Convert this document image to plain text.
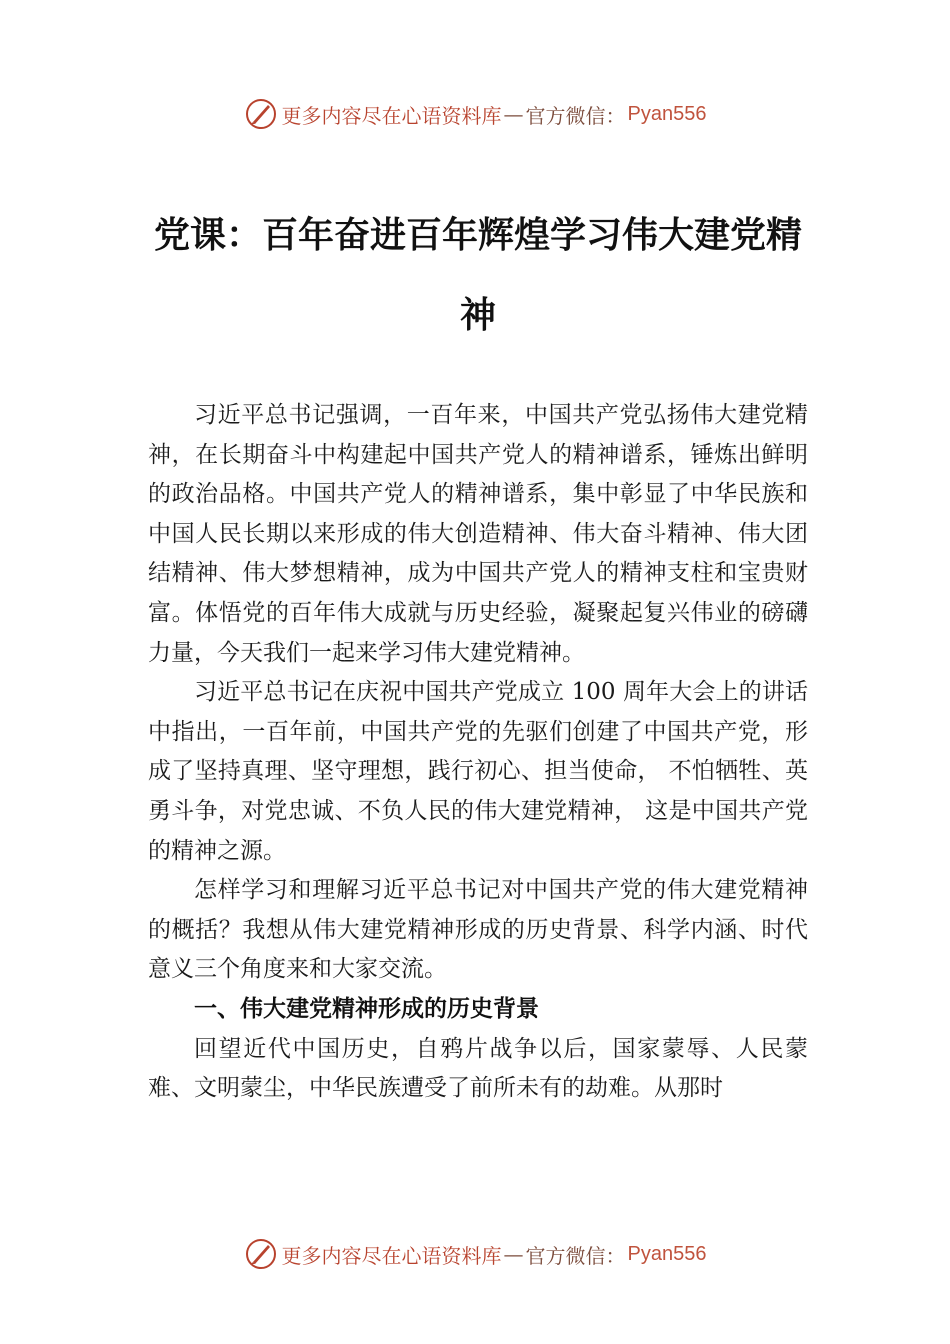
更多内容尽在心语资料库 — 官方微信： Pyan556
党课：百年奋进百年辉煌学习伟大建党精神

习近平总书记强调，一百年来，中国共产党弘扬伟大建党精神，在长期奋斗中构建起中国共产党人的精神谱系，锤炼出鲜明的政治品格。中国共产党人的精神谱系，集中彰显了中华民族和中国人民长期以来形成的伟大创造精神、伟大奋斗精神、伟大团结精神、伟大梦想精神，成为中国共产党人的精神支柱和宝贵财富。体悟党的百年伟大成就与历史经验，凝聚起复兴伟业的磅礴力量，今天我们一起来学习伟大建党精神。

习近平总书记在庆祝中国共产党成立 100 周年大会上的讲话中指出，一百年前，中国共产党的先驱们创建了中国共产党，形成了坚持真理、坚守理想，践行初心、担当使命， 不怕牺牲、英勇斗争，对党忠诚、不负人民的伟大建党精神， 这是中国共产党的精神之源。

怎样学习和理解习近平总书记对中国共产党的伟大建党精神的概括？我想从伟大建党精神形成的历史背景、科学内涵、时代意义三个角度来和大家交流。

一、伟大建党精神形成的历史背景

回望近代中国历史，自鸦片战争以后，国家蒙辱、人民蒙难、文明蒙尘，中华民族遭受了前所未有的劫难。从那时

更多内容尽在心语资料库 — 官方微信： Pyan556
